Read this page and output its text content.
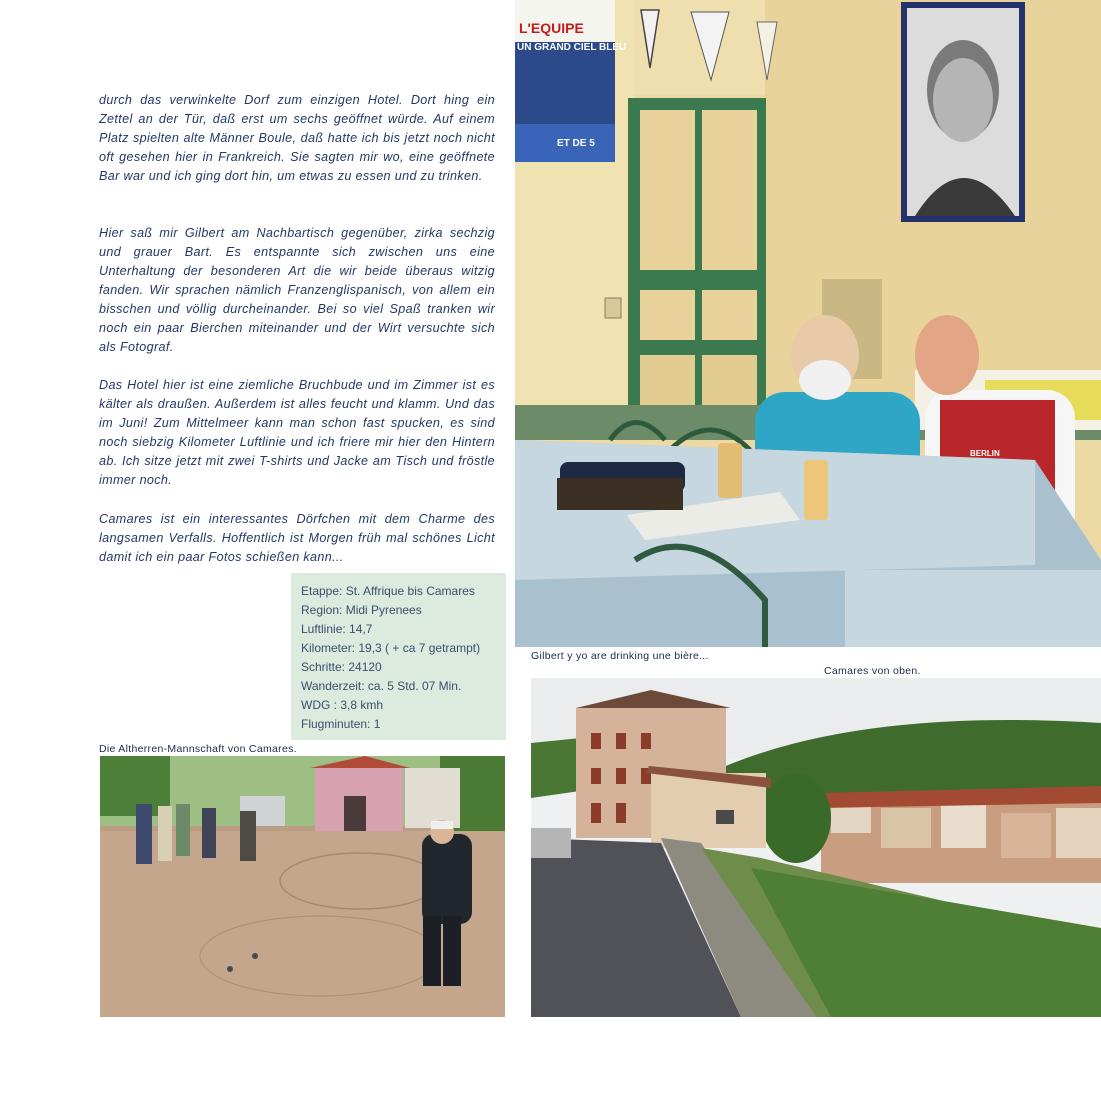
durch das verwinkelte Dorf zum einzigen Hotel. Dort hing ein Zettel an der Tür, daß erst um sechs geöffnet würde. Auf einem Platz spielten alte Männer Boule, daß hatte ich bis jetzt noch nicht oft gesehen hier in Frankreich. Sie sagten mir wo, eine geöffnete Bar war und ich ging dort hin, um etwas zu essen und zu trinken.

Hier saß mir Gilbert am Nachbartisch gegenüber, zirka sechzig und grauer Bart. Es entspannte sich zwischen uns eine Unterhaltung der besonderen Art die wir beide überaus witzig fanden. Wir sprachen nämlich Franzenglispanisch, von allem ein bisschen und völlig durcheinander. Bei so viel Spaß tranken wir noch ein paar Bierchen miteinander und der Wirt versuchte sich als Fotograf.

Das Hotel hier ist eine ziemliche Bruchbude und im Zimmer ist es kälter als draußen. Außerdem ist alles feucht und klamm. Und das im Juni! Zum Mittelmeer kann man schon fast spucken, es sind noch siebzig Kilometer Luftlinie und ich friere mir hier den Hintern ab. Ich sitze jetzt mit zwei T-shirts und Jacke am Tisch und fröstle immer noch.

Camares ist ein interessantes Dörfchen mit dem Charme des langsamen Verfalls. Hoffentlich ist Morgen früh mal schönes Licht damit ich ein paar Fotos schießen kann...

Etappe: St. Affrique bis Camares
Region: Midi Pyrenees
Luftlinie: 14,7
Kilometer: 19,3 ( + ca 7 getrampt)
Schritte: 24120
Wanderzeit: ca. 5 Std. 07 Min.
WDG : 3,8 kmh
Flugminuten: 1
L'EQUIPE
UN GRAND CIEL BLEU
ET DE 5
BERLIN
Gilbert y yo are drinking une bière...
Camares von oben.
Die Altherren-Mannschaft von Camares.
